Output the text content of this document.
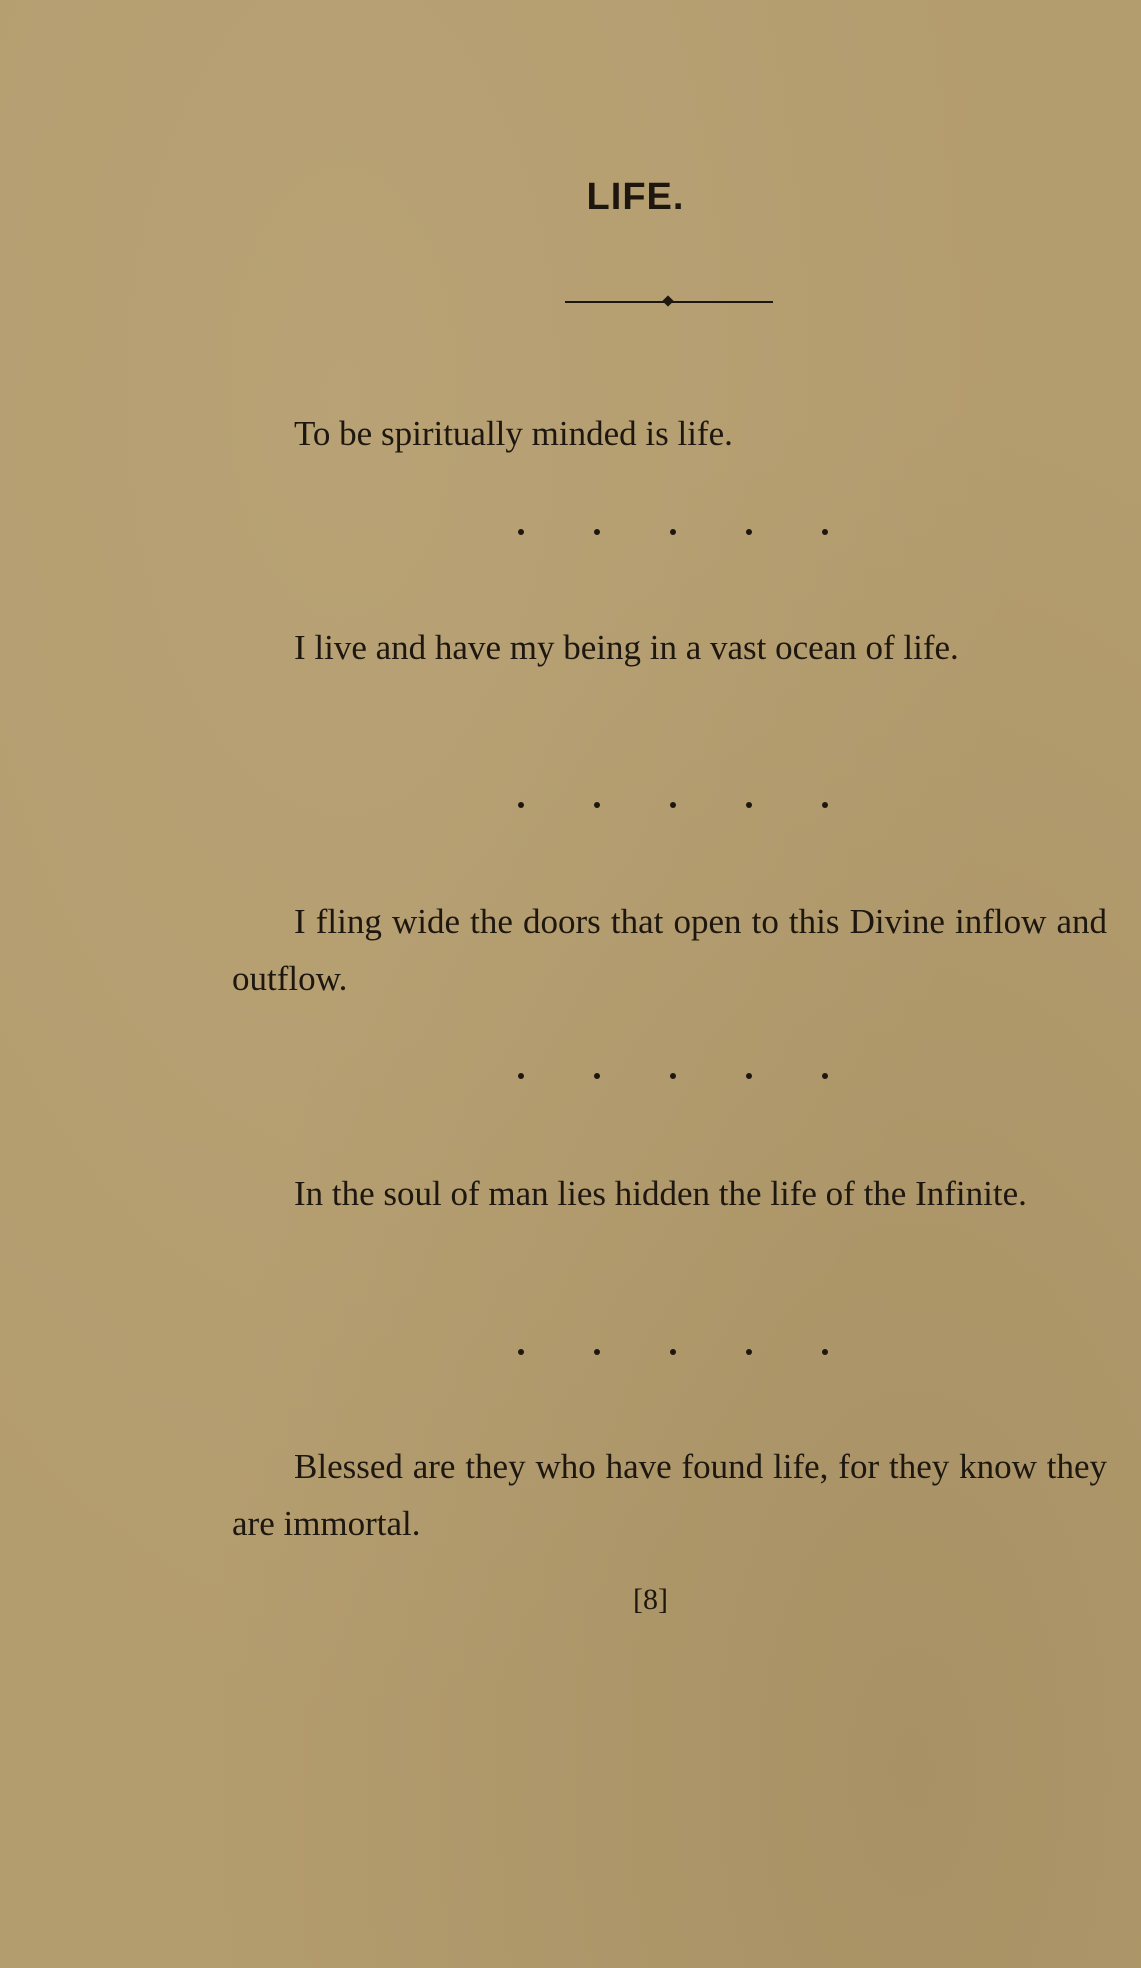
LIFE.

To be spiritually minded is life.

I live and have my being in a vast ocean of life.

I fling wide the doors that open to this Divine inflow and outflow.

In the soul of man lies hidden the life of the Infinite.

Blessed are they who have found life, for they know they are immortal.

[8]
